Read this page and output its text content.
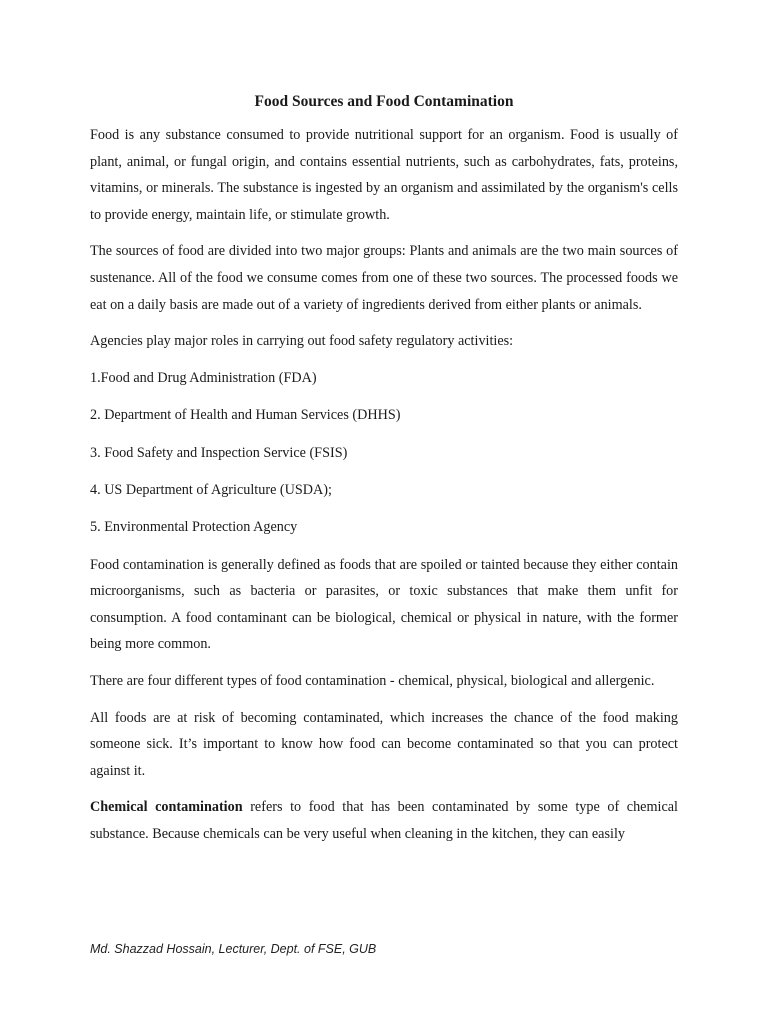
Food Sources and Food Contamination

Food is any substance consumed to provide nutritional support for an organism. Food is usually of plant, animal, or fungal origin, and contains essential nutrients, such as carbohydrates, fats, proteins, vitamins, or minerals. The substance is ingested by an organism and assimilated by the organism's cells to provide energy, maintain life, or stimulate growth.

The sources of food are divided into two major groups: Plants and animals are the two main sources of sustenance. All of the food we consume comes from one of these two sources. The processed foods we eat on a daily basis are made out of a variety of ingredients derived from either plants or animals.

Agencies play major roles in carrying out food safety regulatory activities:

1.Food and Drug Administration (FDA)
2. Department of Health and Human Services (DHHS)
3. Food Safety and Inspection Service (FSIS)
4. US Department of Agriculture (USDA);
5. Environmental Protection Agency

Food contamination is generally defined as foods that are spoiled or tainted because they either contain microorganisms, such as bacteria or parasites, or toxic substances that make them unfit for consumption. A food contaminant can be biological, chemical or physical in nature, with the former being more common.

There are four different types of food contamination - chemical, physical, biological and allergenic.

All foods are at risk of becoming contaminated, which increases the chance of the food making someone sick. It’s important to know how food can become contaminated so that you can protect against it.

Chemical contamination refers to food that has been contaminated by some type of chemical substance. Because chemicals can be very useful when cleaning in the kitchen, they can easily

Md. Shazzad Hossain, Lecturer, Dept. of FSE, GUB
